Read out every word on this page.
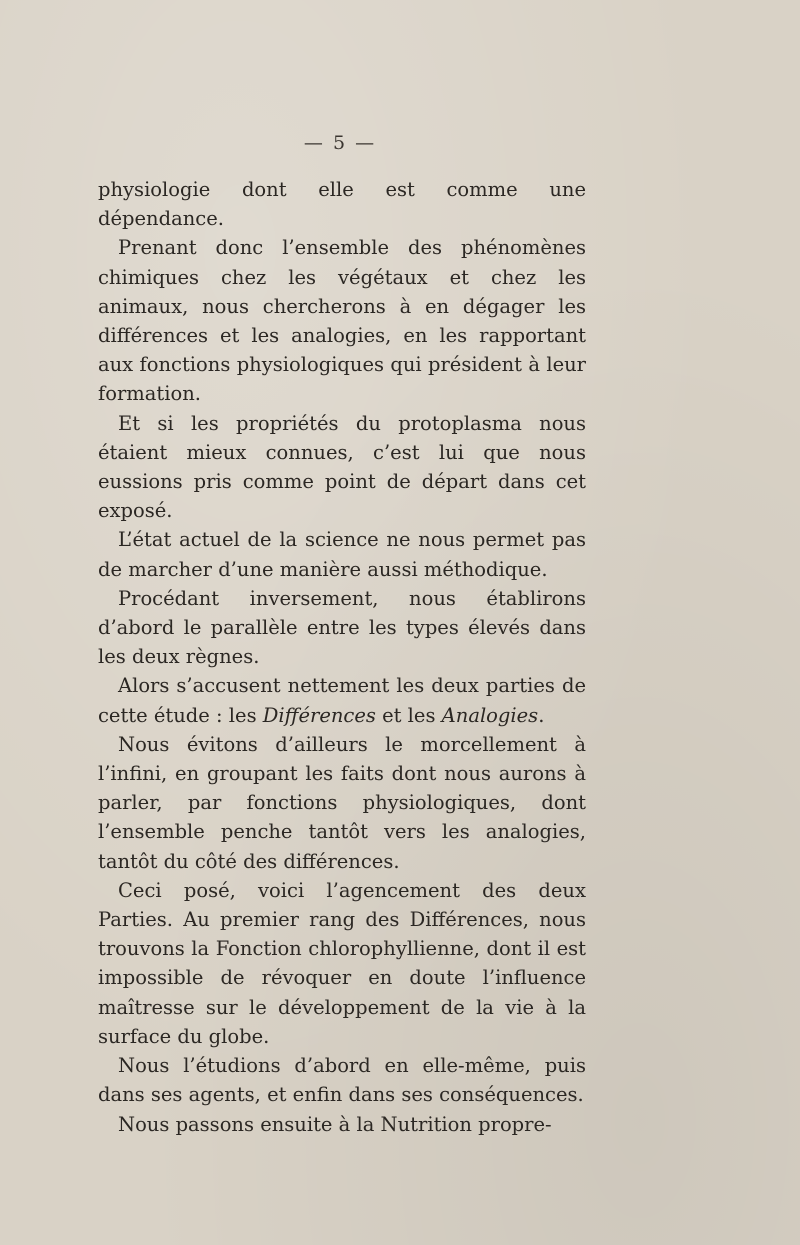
— 5 —

physiologie dont elle est comme une dépendance.

Prenant donc l’ensemble des phénomènes chimiques chez les végétaux et chez les animaux, nous chercherons à en dégager les différences et les analogies, en les rapportant aux fonctions physiologiques qui président à leur formation.

Et si les propriétés du protoplasma nous étaient mieux connues, c’est lui que nous eussions pris comme point de départ dans cet exposé.

L’état actuel de la science ne nous permet pas de marcher d’une manière aussi méthodique.

Procédant inversement, nous établirons d’abord le parallèle entre les types élevés dans les deux règnes.

Alors s’accusent nettement les deux parties de cette étude : les Différences et les Analogies.

Nous évitons d’ailleurs le morcellement à l’infini, en groupant les faits dont nous aurons à parler, par fonctions physiologiques, dont l’ensemble penche tantôt vers les analogies, tantôt du côté des différences.

Ceci posé, voici l’agencement des deux Parties. Au premier rang des Différences, nous trouvons la Fonction chlorophyllienne, dont il est impossible de révoquer en doute l’influence maîtresse sur le développement de la vie à la surface du globe.

Nous l’étudions d’abord en elle-même, puis dans ses agents, et enfin dans ses conséquences.

Nous passons ensuite à la Nutrition propre-
